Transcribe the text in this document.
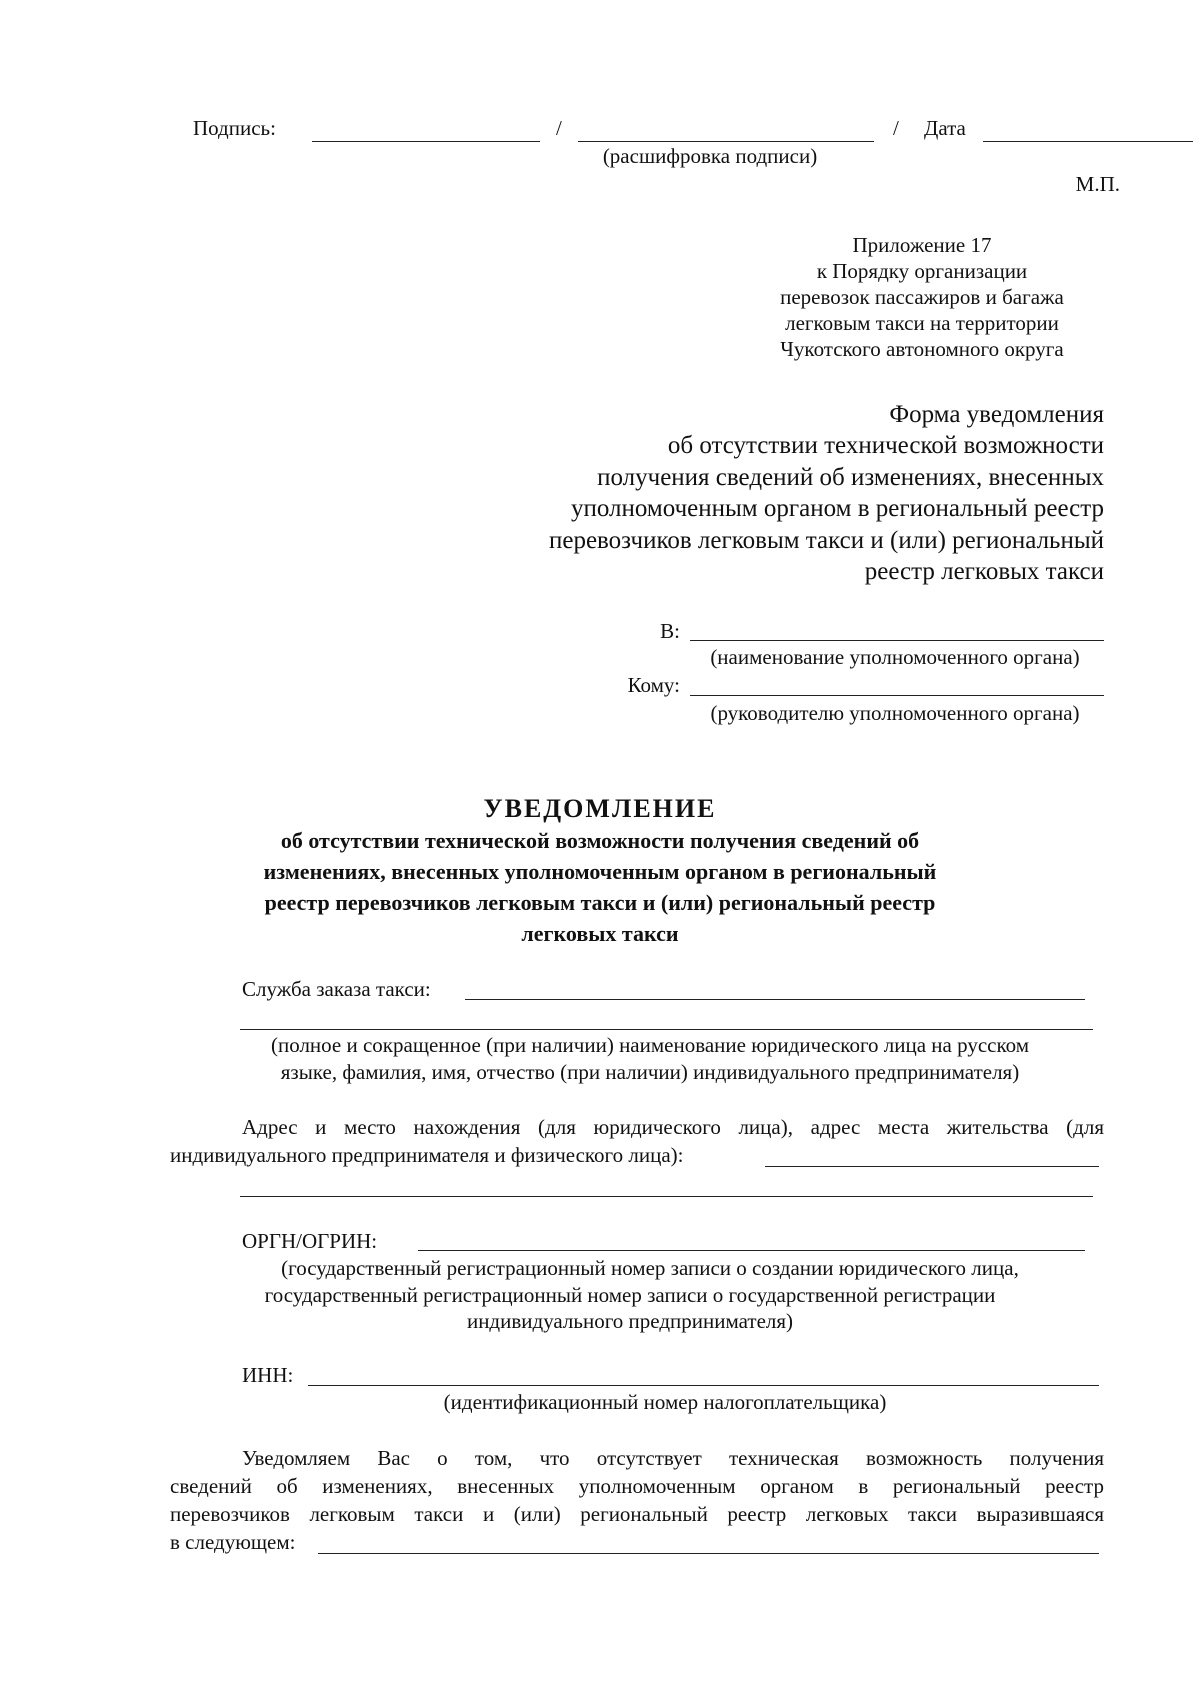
Подпись:	/	/ Дата
(расшифровка подписи)
М.П.
Приложение 17
к Порядку организации
перевозок пассажиров и багажа
легковым такси на территории
Чукотского автономного округа
Форма уведомления
об отсутствии технической возможности
получения сведений об изменениях, внесенных
уполномоченным органом в региональный реестр
перевозчиков легковым такси и (или) региональный
реестр легковых такси
В:
(наименование уполномоченного органа)
Кому:
(руководителю уполномоченного органа)
УВЕДОМЛЕНИЕ
об отсутствии технической возможности получения сведений об
изменениях, внесенных уполномоченным органом в региональный
реестр перевозчиков легковым такси и (или) региональный реестр
легковых такси
Служба заказа такси:
(полное и сокращенное (при наличии) наименование юридического лица на русском
языке, фамилия, имя, отчество (при наличии) индивидуального предпринимателя)
Адрес и место нахождения (для юридического лица), адрес места жительства (для
индивидуального предпринимателя и физического лица):
ОРГН/ОГРИН:
(государственный регистрационный номер записи о создании юридического лица,
государственный регистрационный номер записи о государственной регистрации
индивидуального предпринимателя)
ИНН:
(идентификационный номер налогоплательщика)
Уведомляем Вас о том, что отсутствует техническая возможность получения
сведений об изменениях, внесенных уполномоченным органом в региональный реестр
перевозчиков легковым такси и (или) региональный реестр легковых такси выразившаяся
в следующем:
